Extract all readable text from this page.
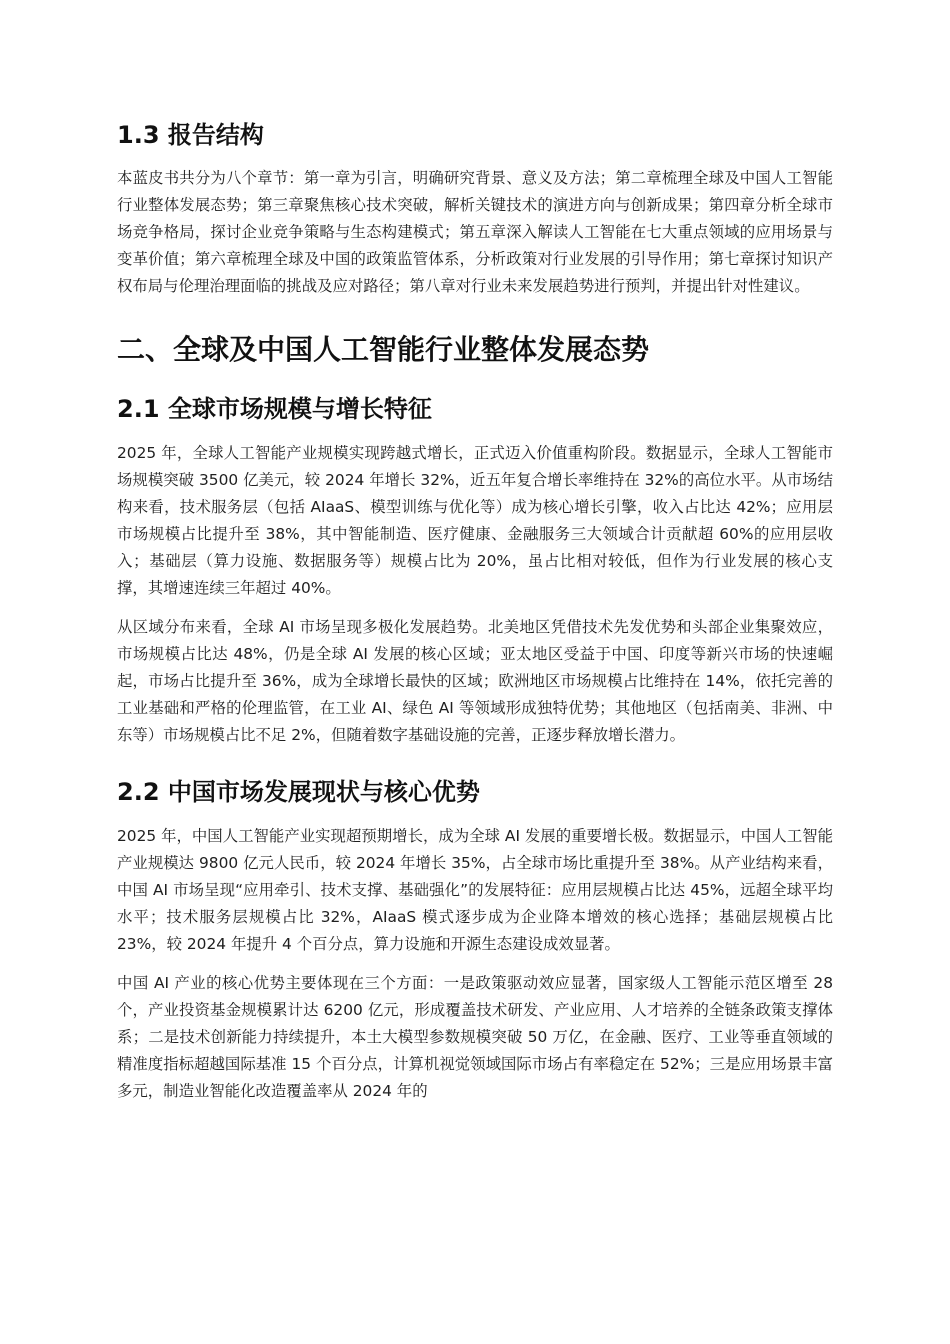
1.3 报告结构

本蓝皮书共分为八个章节：第一章为引言，明确研究背景、意义及方法；第二章梳理全球及中国人工智能行业整体发展态势；第三章聚焦核心技术突破，解析关键技术的演进方向与创新成果；第四章分析全球市场竞争格局，探讨企业竞争策略与生态构建模式；第五章深入解读人工智能在七大重点领域的应用场景与变革价值；第六章梳理全球及中国的政策监管体系，分析政策对行业发展的引导作用；第七章探讨知识产权布局与伦理治理面临的挑战及应对路径；第八章对行业未来发展趋势进行预判，并提出针对性建议。

二、全球及中国人工智能行业整体发展态势
2.1 全球市场规模与增长特征

2025 年，全球人工智能产业规模实现跨越式增长，正式迈入价值重构阶段。数据显示，全球人工智能市场规模突破 3500 亿美元，较 2024 年增长 32%，近五年复合增长率维持在 32%的高位水平。从市场结构来看，技术服务层（包括 AIaaS、模型训练与优化等）成为核心增长引擎，收入占比达 42%；应用层市场规模占比提升至 38%，其中智能制造、医疗健康、金融服务三大领域合计贡献超 60%的应用层收入；基础层（算力设施、数据服务等）规模占比为 20%，虽占比相对较低，但作为行业发展的核心支撑，其增速连续三年超过 40%。

从区域分布来看，全球 AI 市场呈现多极化发展趋势。北美地区凭借技术先发优势和头部企业集聚效应，市场规模占比达 48%，仍是全球 AI 发展的核心区域；亚太地区受益于中国、印度等新兴市场的快速崛起，市场占比提升至 36%，成为全球增长最快的区域；欧洲地区市场规模占比维持在 14%，依托完善的工业基础和严格的伦理监管，在工业 AI、绿色 AI 等领域形成独特优势；其他地区（包括南美、非洲、中东等）市场规模占比不足 2%，但随着数字基础设施的完善，正逐步释放增长潜力。

2.2 中国市场发展现状与核心优势

2025 年，中国人工智能产业实现超预期增长，成为全球 AI 发展的重要增长极。数据显示，中国人工智能产业规模达 9800 亿元人民币，较 2024 年增长 35%，占全球市场比重提升至 38%。从产业结构来看，中国 AI 市场呈现“应用牵引、技术支撑、基础强化”的发展特征：应用层规模占比达 45%，远超全球平均水平；技术服务层规模占比 32%，AIaaS 模式逐步成为企业降本增效的核心选择；基础层规模占比 23%，较 2024 年提升 4 个百分点，算力设施和开源生态建设成效显著。

中国 AI 产业的核心优势主要体现在三个方面：一是政策驱动效应显著，国家级人工智能示范区增至 28 个，产业投资基金规模累计达 6200 亿元，形成覆盖技术研发、产业应用、人才培养的全链条政策支撑体系；二是技术创新能力持续提升，本土大模型参数规模突破 50 万亿，在金融、医疗、工业等垂直领域的精准度指标超越国际基准 15 个百分点，计算机视觉领域国际市场占有率稳定在 52%；三是应用场景丰富多元，制造业智能化改造覆盖率从 2024 年的
